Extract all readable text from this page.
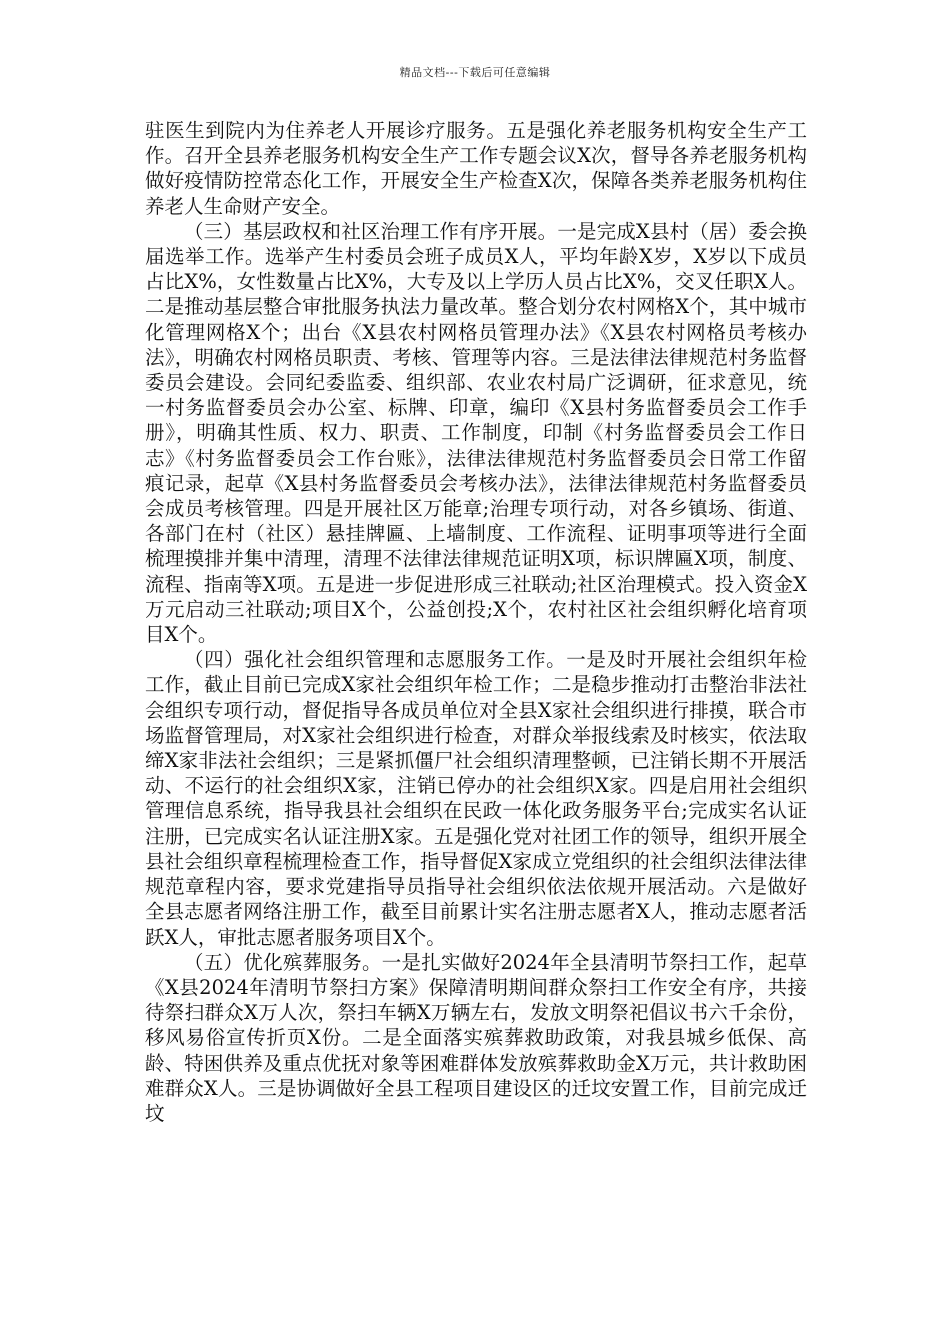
精品文档---下载后可任意编辑

驻医生到院内为住养老人开展诊疗服务。五是强化养老服务机构安全生产工作。召开全县养老服务机构安全生产工作专题会议X次，督导各养老服务机构做好疫情防控常态化工作，开展安全生产检查X次，保障各类养老服务机构住养老人生命财产安全。

（三）基层政权和社区治理工作有序开展。一是完成X县村（居）委会换届选举工作。选举产生村委员会班子成员X人，平均年龄X岁，X岁以下成员占比X%，女性数量占比X%，大专及以上学历人员占比X%，交叉任职X人。二是推动基层整合审批服务执法力量改革。整合划分农村网格X个，其中城市化管理网格X个；出台《X县农村网格员管理办法》《X县农村网格员考核办法》，明确农村网格员职责、考核、管理等内容。三是法律法律规范村务监督委员会建设。会同纪委监委、组织部、农业农村局广泛调研，征求意见，统一村务监督委员会办公室、标牌、印章，编印《X县村务监督委员会工作手册》，明确其性质、权力、职责、工作制度，印制《村务监督委员会工作日志》《村务监督委员会工作台账》，法律法律规范村务监督委员会日常工作留痕记录，起草《X县村务监督委员会考核办法》，法律法律规范村务监督委员会成员考核管理。四是开展社区万能章;治理专项行动，对各乡镇场、街道、各部门在村（社区）悬挂牌匾、上墙制度、工作流程、证明事项等进行全面梳理摸排并集中清理，清理不法律法律规范证明X项，标识牌匾X项，制度、流程、指南等X项。五是进一步促进形成三社联动;社区治理模式。投入资金X万元启动三社联动;项目X个，公益创投;X个，农村社区社会组织孵化培育项目X个。

（四）强化社会组织管理和志愿服务工作。一是及时开展社会组织年检工作，截止目前已完成X家社会组织年检工作；二是稳步推动打击整治非法社会组织专项行动，督促指导各成员单位对全县X家社会组织进行排摸，联合市场监督管理局，对X家社会组织进行检查，对群众举报线索及时核实，依法取缔X家非法社会组织；三是紧抓僵尸社会组织清理整顿，已注销长期不开展活动、不运行的社会组织X家，注销已停办的社会组织X家。四是启用社会组织管理信息系统，指导我县社会组织在民政一体化政务服务平台;完成实名认证注册，已完成实名认证注册X家。五是强化党对社团工作的领导，组织开展全县社会组织章程梳理检查工作，指导督促X家成立党组织的社会组织法律法律规范章程内容，要求党建指导员指导社会组织依法依规开展活动。六是做好全县志愿者网络注册工作，截至目前累计实名注册志愿者X人，推动志愿者活跃X人，审批志愿者服务项目X个。

（五）优化殡葬服务。一是扎实做好2024年全县清明节祭扫工作，起草《X县2024年清明节祭扫方案》保障清明期间群众祭扫工作安全有序，共接待祭扫群众X万人次，祭扫车辆X万辆左右，发放文明祭祀倡议书六千余份，移风易俗宣传折页X份。二是全面落实殡葬救助政策，对我县城乡低保、高龄、特困供养及重点优抚对象等困难群体发放殡葬救助金X万元，共计救助困难群众X人。三是协调做好全县工程项目建设区的迁坟安置工作，目前完成迁坟
